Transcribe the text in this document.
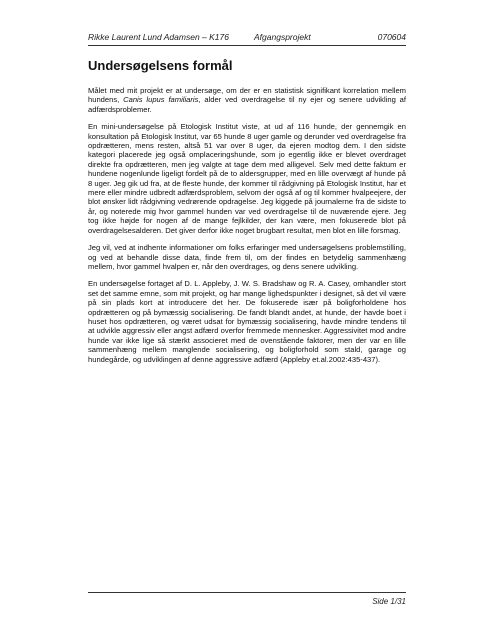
Rikke Laurent Lund Adamsen – K176	Afgangsprojekt	070604
Undersøgelsens formål

Målet med mit projekt er at undersøge, om der er en statistisk signifikant korrelation mellem hundens, Canis lupus familiaris, alder ved overdragelse til ny ejer og senere udvikling af adfærdsproblemer.

En mini-undersøgelse på Etologisk Institut viste, at ud af 116 hunde, der gennemgik en konsultation på Etologisk Institut, var 65 hunde 8 uger gamle og derunder ved overdragelse fra opdrætteren, mens resten, altså 51 var over 8 uger, da ejeren modtog dem. I den sidste kategori placerede jeg også omplaceringshunde, som jo egentlig ikke er blevet overdraget direkte fra opdrætteren, men jeg valgte at tage dem med alligevel. Selv med dette faktum er hundene nogenlunde ligeligt fordelt på de to aldersgrupper, med en lille overvægt af hunde på 8 uger. Jeg gik ud fra, at de fleste hunde, der kommer til rådgivning på Etologisk Institut, har et mere eller mindre udbredt adfærdsproblem, selvom der også af og til kommer hvalpeejere, der blot ønsker lidt rådgivning vedrørende opdragelse. Jeg kiggede på journalerne fra de sidste to år, og noterede mig hvor gammel hunden var ved overdragelse til de nuværende ejere. Jeg tog ikke højde for nogen af de mange fejlkilder, der kan være, men fokuserede blot på overdragelsesalderen. Det giver derfor ikke noget brugbart resultat, men blot en lille forsmag.

Jeg vil, ved at indhente informationer om folks erfaringer med undersøgelsens problemstilling, og ved at behandle disse data, finde frem til, om der findes en betydelig sammenhæng mellem, hvor gammel hvalpen er, når den overdrages, og dens senere udvikling.

En undersøgelse fortaget af D. L. Appleby, J. W. S. Bradshaw og R. A. Casey, omhandler stort set det samme emne, som mit projekt, og har mange lighedspunkter i designet, så det vil være på sin plads kort at introducere det her. De fokuserede især på boligforholdene hos opdrætteren og på bymæssig socialisering. De fandt blandt andet, at hunde, der havde boet i huset hos opdrætteren, og været udsat for bymæssig socialisering, havde mindre tendens til at udvikle aggressiv eller angst adfærd overfor fremmede mennesker. Aggressivitet mod andre hunde var ikke lige så stærkt associeret med de ovenstående faktorer, men der var en lille sammenhæng mellem manglende socialisering, og boligforhold som stald, garage og hundegårde, og udviklingen af denne aggressive adfærd (Appleby et.al.2002:435-437).

Side 1/31
